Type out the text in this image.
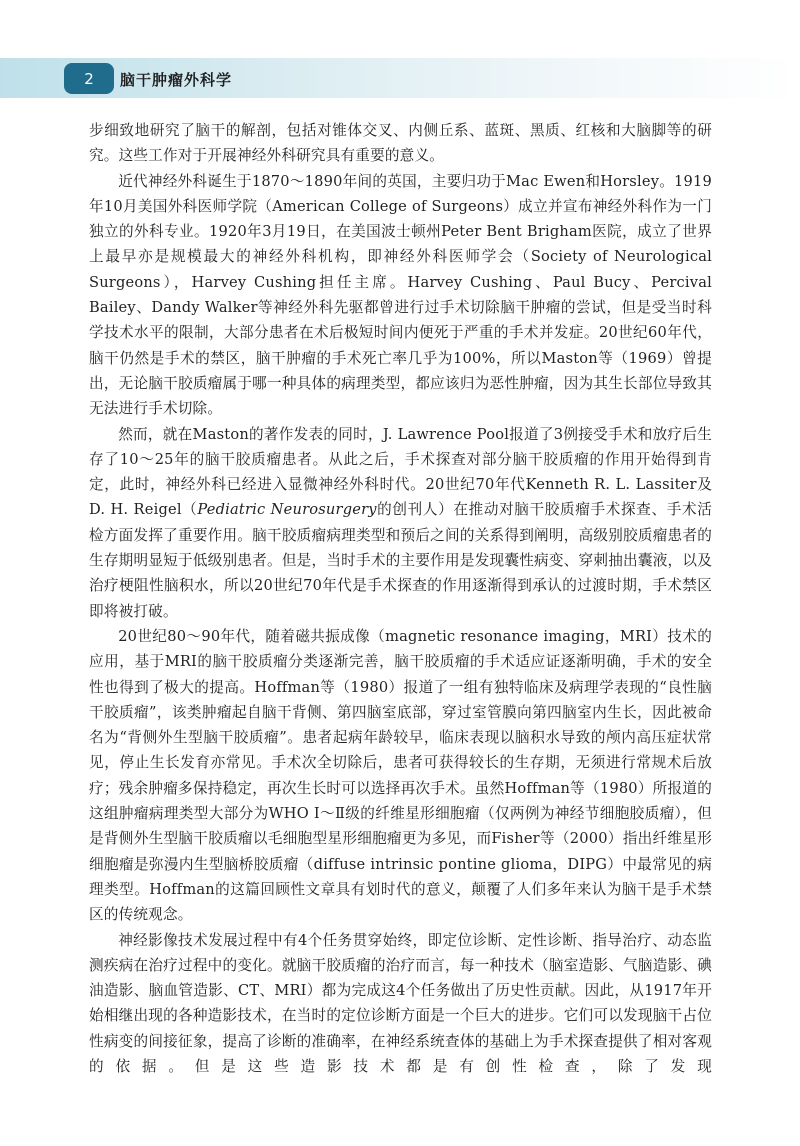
2	脑干肿瘤外科学

步细致地研究了脑干的解剖，包括对锥体交叉、内侧丘系、蓝斑、黑质、红核和大脑脚等的研究。这些工作对于开展神经外科研究具有重要的意义。

近代神经外科诞生于1870～1890年间的英国，主要归功于Mac Ewen和Horsley。1919年10月美国外科医师学院（American College of Surgeons）成立并宣布神经外科作为一门独立的外科专业。1920年3月19日，在美国波士顿州Peter Bent Brigham医院，成立了世界上最早亦是规模最大的神经外科机构，即神经外科医师学会（Society of Neurological Surgeons），Harvey Cushing担任主席。Harvey Cushing、Paul Bucy、Percival Bailey、Dandy Walker等神经外科先驱都曾进行过手术切除脑干肿瘤的尝试，但是受当时科学技术水平的限制，大部分患者在术后极短时间内便死于严重的手术并发症。20世纪60年代，脑干仍然是手术的禁区，脑干肿瘤的手术死亡率几乎为100%，所以Maston等（1969）曾提出，无论脑干胶质瘤属于哪一种具体的病理类型，都应该归为恶性肿瘤，因为其生长部位导致其无法进行手术切除。

然而，就在Maston的著作发表的同时，J. Lawrence Pool报道了3例接受手术和放疗后生存了10～25年的脑干胶质瘤患者。从此之后，手术探查对部分脑干胶质瘤的作用开始得到肯定，此时，神经外科已经进入显微神经外科时代。20世纪70年代Kenneth R. L. Lassiter及D. H. Reigel（Pediatric Neurosurgery的创刊人）在推动对脑干胶质瘤手术探查、手术活检方面发挥了重要作用。脑干胶质瘤病理类型和预后之间的关系得到阐明，高级别胶质瘤患者的生存期明显短于低级别患者。但是，当时手术的主要作用是发现囊性病变、穿刺抽出囊液，以及治疗梗阻性脑积水，所以20世纪70年代是手术探查的作用逐渐得到承认的过渡时期，手术禁区即将被打破。

20世纪80～90年代，随着磁共振成像（magnetic resonance imaging，MRI）技术的应用，基于MRI的脑干胶质瘤分类逐渐完善，脑干胶质瘤的手术适应证逐渐明确，手术的安全性也得到了极大的提高。Hoffman等（1980）报道了一组有独特临床及病理学表现的“良性脑干胶质瘤”，该类肿瘤起自脑干背侧、第四脑室底部，穿过室管膜向第四脑室内生长，因此被命名为“背侧外生型脑干胶质瘤”。患者起病年龄较早，临床表现以脑积水导致的颅内高压症状常见，停止生长发育亦常见。手术次全切除后，患者可获得较长的生存期，无须进行常规术后放疗；残余肿瘤多保持稳定，再次生长时可以选择再次手术。虽然Hoffman等（1980）所报道的这组肿瘤病理类型大部分为WHO Ⅰ～Ⅱ级的纤维星形细胞瘤（仅两例为神经节细胞胶质瘤），但是背侧外生型脑干胶质瘤以毛细胞型星形细胞瘤更为多见，而Fisher等（2000）指出纤维星形细胞瘤是弥漫内生型脑桥胶质瘤（diffuse intrinsic pontine glioma，DIPG）中最常见的病理类型。Hoffman的这篇回顾性文章具有划时代的意义，颠覆了人们多年来认为脑干是手术禁区的传统观念。

神经影像技术发展过程中有4个任务贯穿始终，即定位诊断、定性诊断、指导治疗、动态监测疾病在治疗过程中的变化。就脑干胶质瘤的治疗而言，每一种技术（脑室造影、气脑造影、碘油造影、脑血管造影、CT、MRI）都为完成这4个任务做出了历史性贡献。因此，从1917年开始相继出现的各种造影技术，在当时的定位诊断方面是一个巨大的进步。它们可以发现脑干占位性病变的间接征象，提高了诊断的准确率，在神经系统查体的基础上为手术探查提供了相对客观的依据。但是这些造影技术都是有创性检查，除了发现
